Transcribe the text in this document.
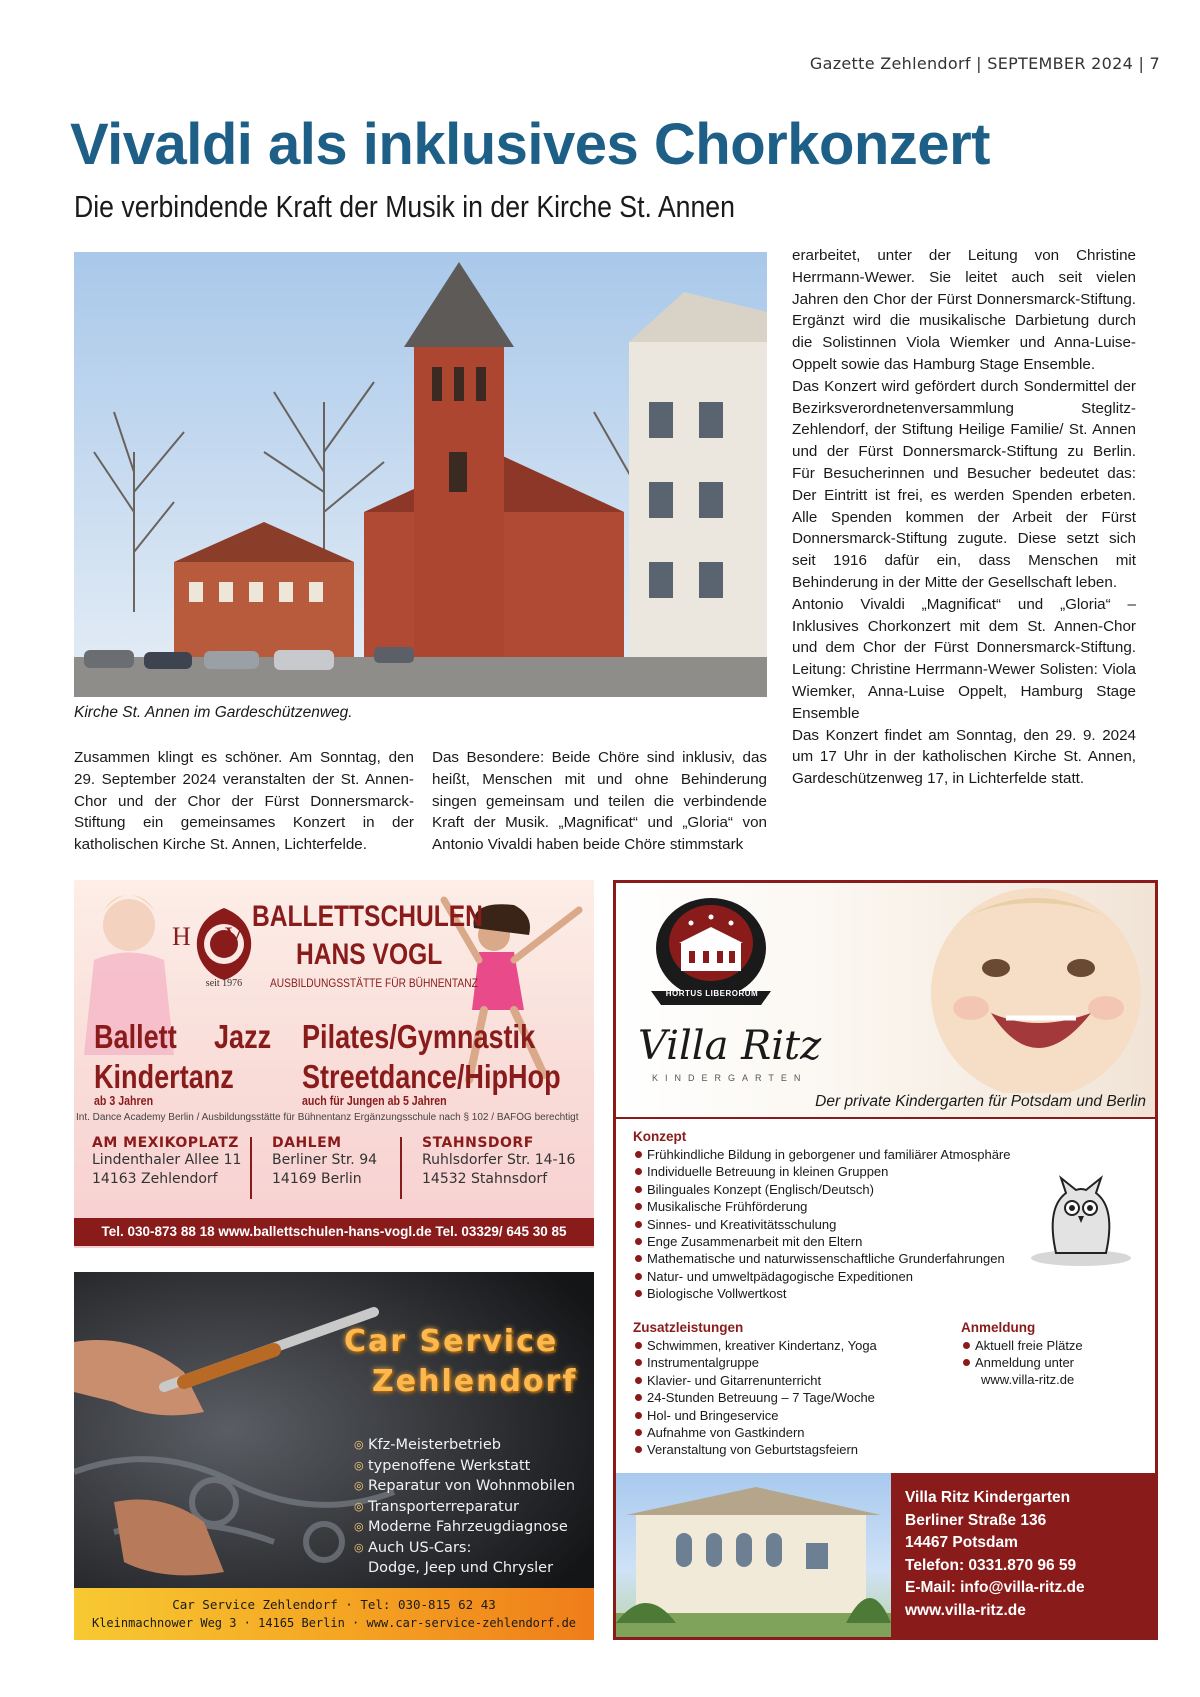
Gazette Zehlendorf | SEPTEMBER 2024 | 7
Vivaldi als inklusives Chorkonzert
Die verbindende Kraft der Musik in der Kirche St. Annen

Kirche St. Annen im Gardeschützenweg.

Zusammen klingt es schöner. Am Sonntag, den 29. September 2024 veranstalten der St. Annen-Chor und der Chor der Fürst Donnersmarck-Stiftung ein gemeinsames Konzert in der katholischen Kirche St. Annen, Lichterfelde.

Das Besondere: Beide Chöre sind inklusiv, das heißt, Menschen mit und ohne Behinderung singen gemeinsam und teilen die verbindende Kraft der Musik. „Magnificat“ und „Gloria“ von Antonio Vivaldi haben beide Chöre stimmstark

erarbeitet, unter der Leitung von Christine Herrmann-Wewer. Sie leitet auch seit vielen Jahren den Chor der Fürst Donnersmarck-Stiftung. Ergänzt wird die musikalische Darbietung durch die Solistinnen Viola Wiemker und Anna-Luise-Oppelt sowie das Hamburg Stage Ensemble.

Das Konzert wird gefördert durch Sondermittel der Bezirksverordnetenversammlung Steglitz-Zehlendorf, der Stiftung Heilige Familie/ St. Annen und der Fürst Donnersmarck-Stiftung zu Berlin. Für Besucherinnen und Besucher bedeutet das: Der Eintritt ist frei, es werden Spenden erbeten. Alle Spenden kommen der Arbeit der Fürst Donnersmarck-Stiftung zugute. Diese setzt sich seit 1916 dafür ein, dass Menschen mit Behinderung in der Mitte der Gesellschaft leben.

Antonio Vivaldi „Magnificat“ und „Gloria“ – Inklusives Chorkonzert mit dem St. Annen-Chor und dem Chor der Fürst Donnersmarck-Stiftung. Leitung: Christine Herrmann-Wewer Solisten: Viola Wiemker, Anna-Luise Oppelt, Hamburg Stage Ensemble

Das Konzert findet am Sonntag, den 29. 9. 2024 um 17 Uhr in der katholischen Kirche St. Annen, Gardeschützenweg 17, in Lichterfelde statt.

HV
seit 1976
BALLETTSCHULEN
HANS VOGL
AUSBILDUNGSSTÄTTE FÜR BÜHNENTANZ
Ballett Jazz Pilates/Gymnastik
Kindertanz Streetdance/HipHop
ab 3 Jahren	auch für Jungen ab 5 Jahren
Int. Dance Academy Berlin / Ausbildungsstätte für Bühnentanz Ergänzungsschule nach § 102 / BAFÖG berechtigt
AM MEXIKOPLATZ
Lindenthaler Allee 11
14163 Zehlendorf
DAHLEM
Berliner Str. 94
14169 Berlin
STAHNSDORF
Ruhlsdorfer Str. 14-16
14532 Stahnsdorf
Tel. 030-873 88 18 www.ballettschulen-hans-vogl.de Tel. 03329/ 645 30 85
Car Service
Zehlendorf
◎ Kfz-Meisterbetrieb
◎ typenoffene Werkstatt
◎ Reparatur von Wohnmobilen
◎ Transporterreparatur
◎ Moderne Fahrzeugdiagnose
◎ Auch US-Cars:
Dodge, Jeep und Chrysler
Car Service Zehlendorf · Tel: 030-815 62 43
Kleinmachnower Weg 3 · 14165 Berlin · www.car-service-zehlendorf.de
HORTUS LIBERORUM
Villa Ritz
KINDERGARTEN
Der private Kindergarten für Potsdam und Berlin
Konzept
Frühkindliche Bildung in geborgener und familiärer Atmosphäre
Individuelle Betreuung in kleinen Gruppen
Bilinguales Konzept (Englisch/Deutsch)
Musikalische Frühförderung
Sinnes- und Kreativitätsschulung
Enge Zusammenarbeit mit den Eltern
Mathematische und naturwissenschaftliche Grunderfahrungen
Natur- und umweltpädagogische Expeditionen
Biologische Vollwertkost
Zusatzleistungen
Schwimmen, kreativer Kindertanz, Yoga
Instrumentalgruppe
Klavier- und Gitarrenunterricht
24-Stunden Betreuung – 7 Tage/Woche
Hol- und Bringeservice
Aufnahme von Gastkindern
Veranstaltung von Geburtstagsfeiern
Anmeldung
Aktuell freie Plätze
Anmeldung unter
www.villa-ritz.de
Villa Ritz Kindergarten
Berliner Straße 136
14467 Potsdam
Telefon: 0331.870 96 59
E-Mail: info@villa-ritz.de
www.villa-ritz.de
